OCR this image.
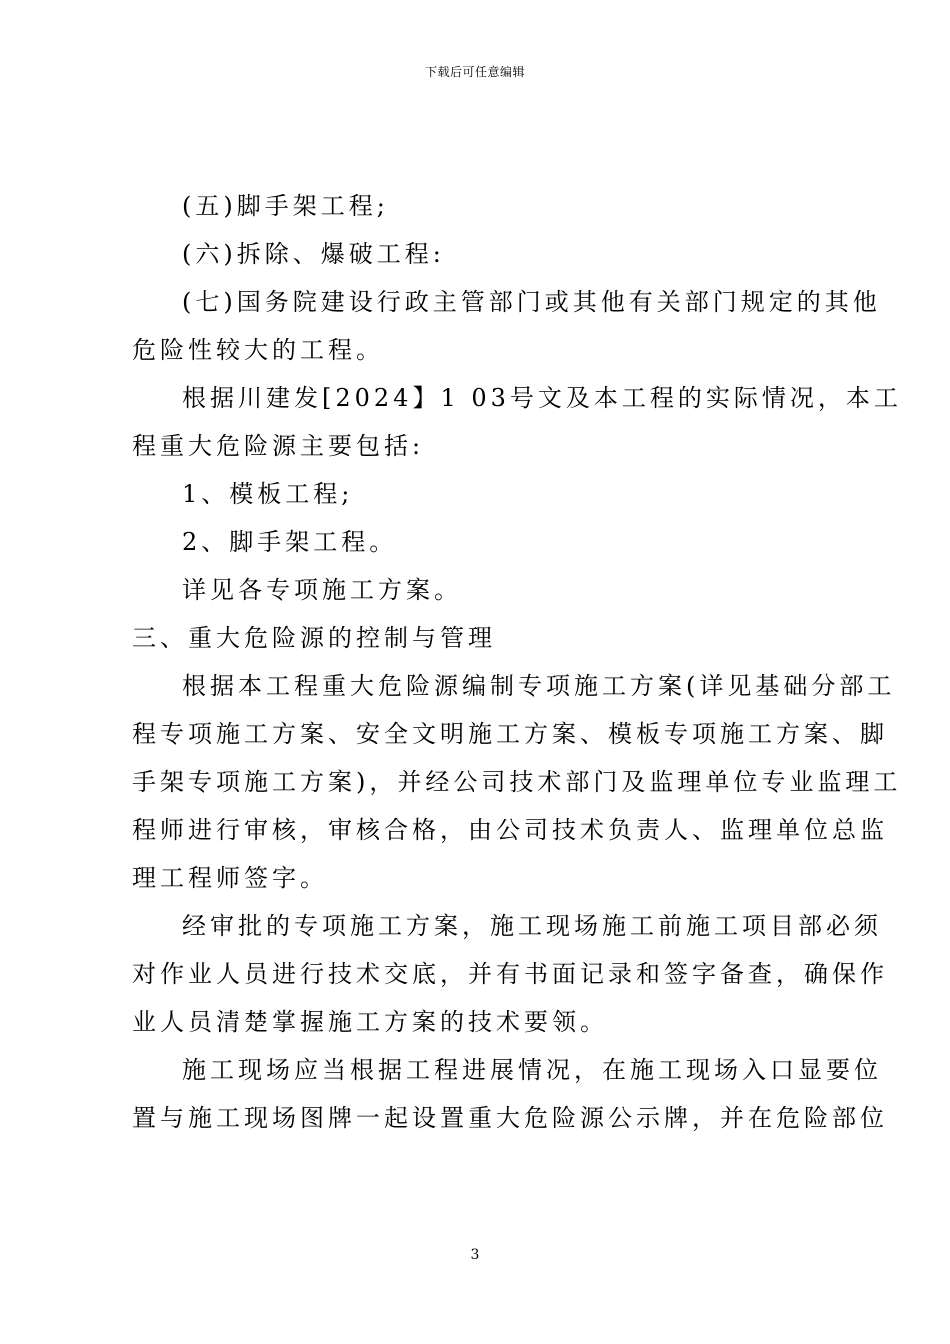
下载后可任意编辑
(五)脚手架工程;
(六)拆除、爆破工程:
(七)国务院建设行政主管部门或其他有关部门规定的其他
危险性较大的工程。
根据川建发[2024】1 03号文及本工程的实际情况，本工
程重大危险源主要包括:
1、模板工程;
2、脚手架工程。
详见各专项施工方案。
三、重大危险源的控制与管理
根据本工程重大危险源编制专项施工方案(详见基础分部工
程专项施工方案、安全文明施工方案、模板专项施工方案、脚
手架专项施工方案)，并经公司技术部门及监理单位专业监理工
程师进行审核，审核合格，由公司技术负责人、监理单位总监
理工程师签字。
经审批的专项施工方案，施工现场施工前施工项目部必须
对作业人员进行技术交底，并有书面记录和签字备查，确保作
业人员清楚掌握施工方案的技术要领。
施工现场应当根据工程进展情况，在施工现场入口显要位
置与施工现场图牌一起设置重大危险源公示牌，并在危险部位
3
